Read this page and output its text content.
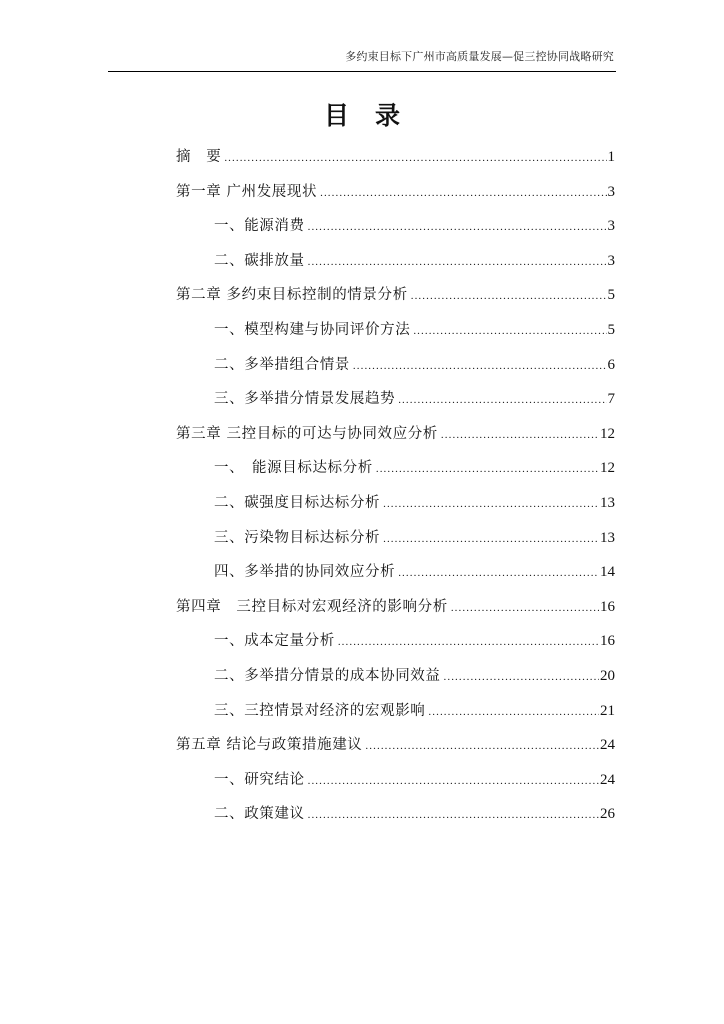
多约束目标下广州市高质量发展—促三控协同战略研究
目录
摘　要 .....	1
第一章 广州发展现状 .....	3
一、能源消费 .....	3
二、碳排放量 .....	3
第二章 多约束目标控制的情景分析 .....	5
一、模型构建与协同评价方法 .....	5
二、多举措组合情景 .....	6
三、多举措分情景发展趋势 .....	7
第三章 三控目标的可达与协同效应分析 .....	12
一、　能源目标达标分析 .....	12
二、碳强度目标达标分析 .....	13
三、污染物目标达标分析 .....	13
四、多举措的协同效应分析 .....	14
第四章　三控目标对宏观经济的影响分析 .....	16
一、成本定量分析 .....	16
二、多举措分情景的成本协同效益 .....	20
三、三控情景对经济的宏观影响 .....	21
第五章 结论与政策措施建议 .....	24
一、研究结论 .....	24
二、政策建议 .....	26
